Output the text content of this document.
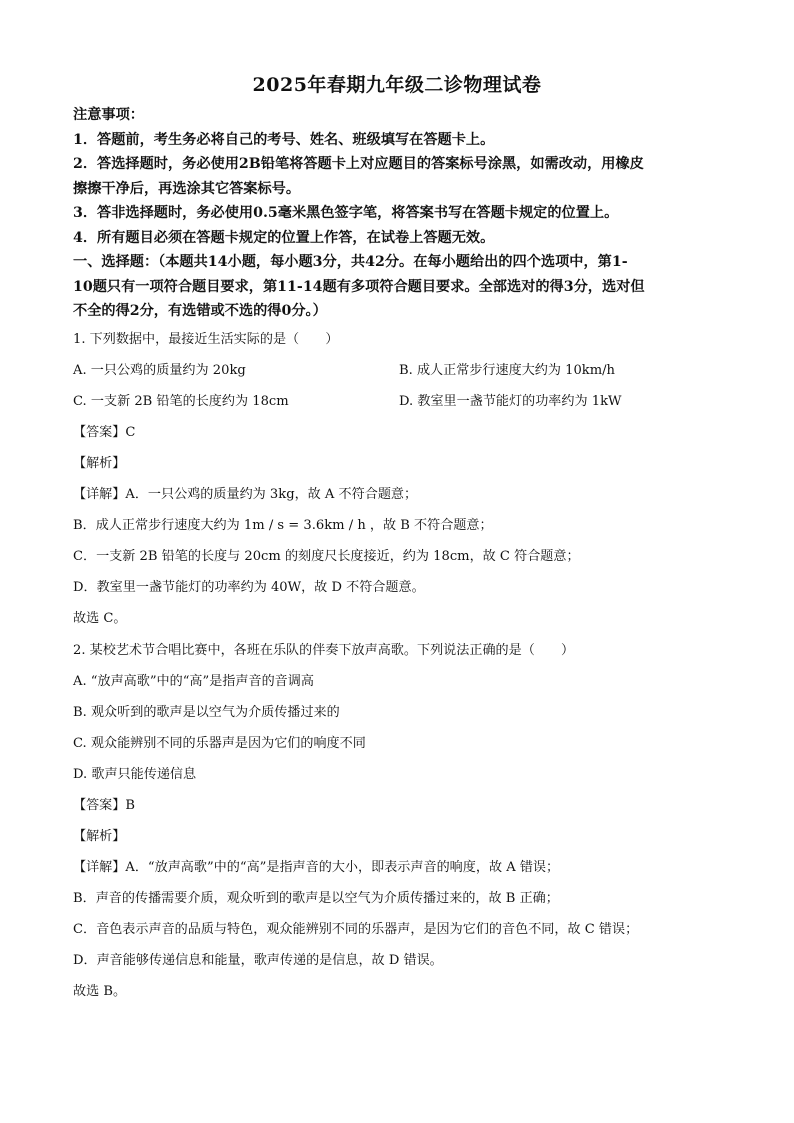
2025年春期九年级二诊物理试卷
注意事项：
1．答题前，考生务必将自己的考号、姓名、班级填写在答题卡上。
2．答选择题时，务必使用2B铅笔将答题卡上对应题目的答案标号涂黑，如需改动，用橡皮
擦擦干净后，再选涂其它答案标号。
3．答非选择题时，务必使用0.5毫米黑色签字笔，将答案书写在答题卡规定的位置上。
4．所有题目必须在答题卡规定的位置上作答，在试卷上答题无效。
一、选择题：（本题共14小题，每小题3分，共42分。在每小题给出的四个选项中，第1-
10题只有一项符合题目要求，第11-14题有多项符合题目要求。全部选对的得3分，选对但
不全的得2分，有选错或不选的得0分。）
1. 下列数据中，最接近生活实际的是（　　）
A. 一只公鸡的质量约为 20kg	B. 成人正常步行速度大约为 10km/h
C. 一支新 2B 铅笔的长度约为 18cm	D. 教室里一盏节能灯的功率约为 1kW
【答案】C
【解析】
【详解】A．一只公鸡的质量约为 3kg，故 A 不符合题意；
B．成人正常步行速度大约为 1m / s = 3.6km / h ，故 B 不符合题意；
C．一支新 2B 铅笔的长度与 20cm 的刻度尺长度接近，约为 18cm，故 C 符合题意；
D．教室里一盏节能灯的功率约为 40W，故 D 不符合题意。
故选 C。
2. 某校艺术节合唱比赛中，各班在乐队的伴奏下放声高歌。下列说法正确的是（　　）
A. “放声高歌”中的“高”是指声音的音调高
B. 观众听到的歌声是以空气为介质传播过来的
C. 观众能辨别不同的乐器声是因为它们的响度不同
D. 歌声只能传递信息
【答案】B
【解析】
【详解】A．“放声高歌”中的“高”是指声音的大小，即表示声音的响度，故 A 错误；
B．声音的传播需要介质，观众听到的歌声是以空气为介质传播过来的，故 B 正确；
C．音色表示声音的品质与特色，观众能辨别不同的乐器声，是因为它们的音色不同，故 C 错误；
D．声音能够传递信息和能量，歌声传递的是信息，故 D 错误。
故选 B。
